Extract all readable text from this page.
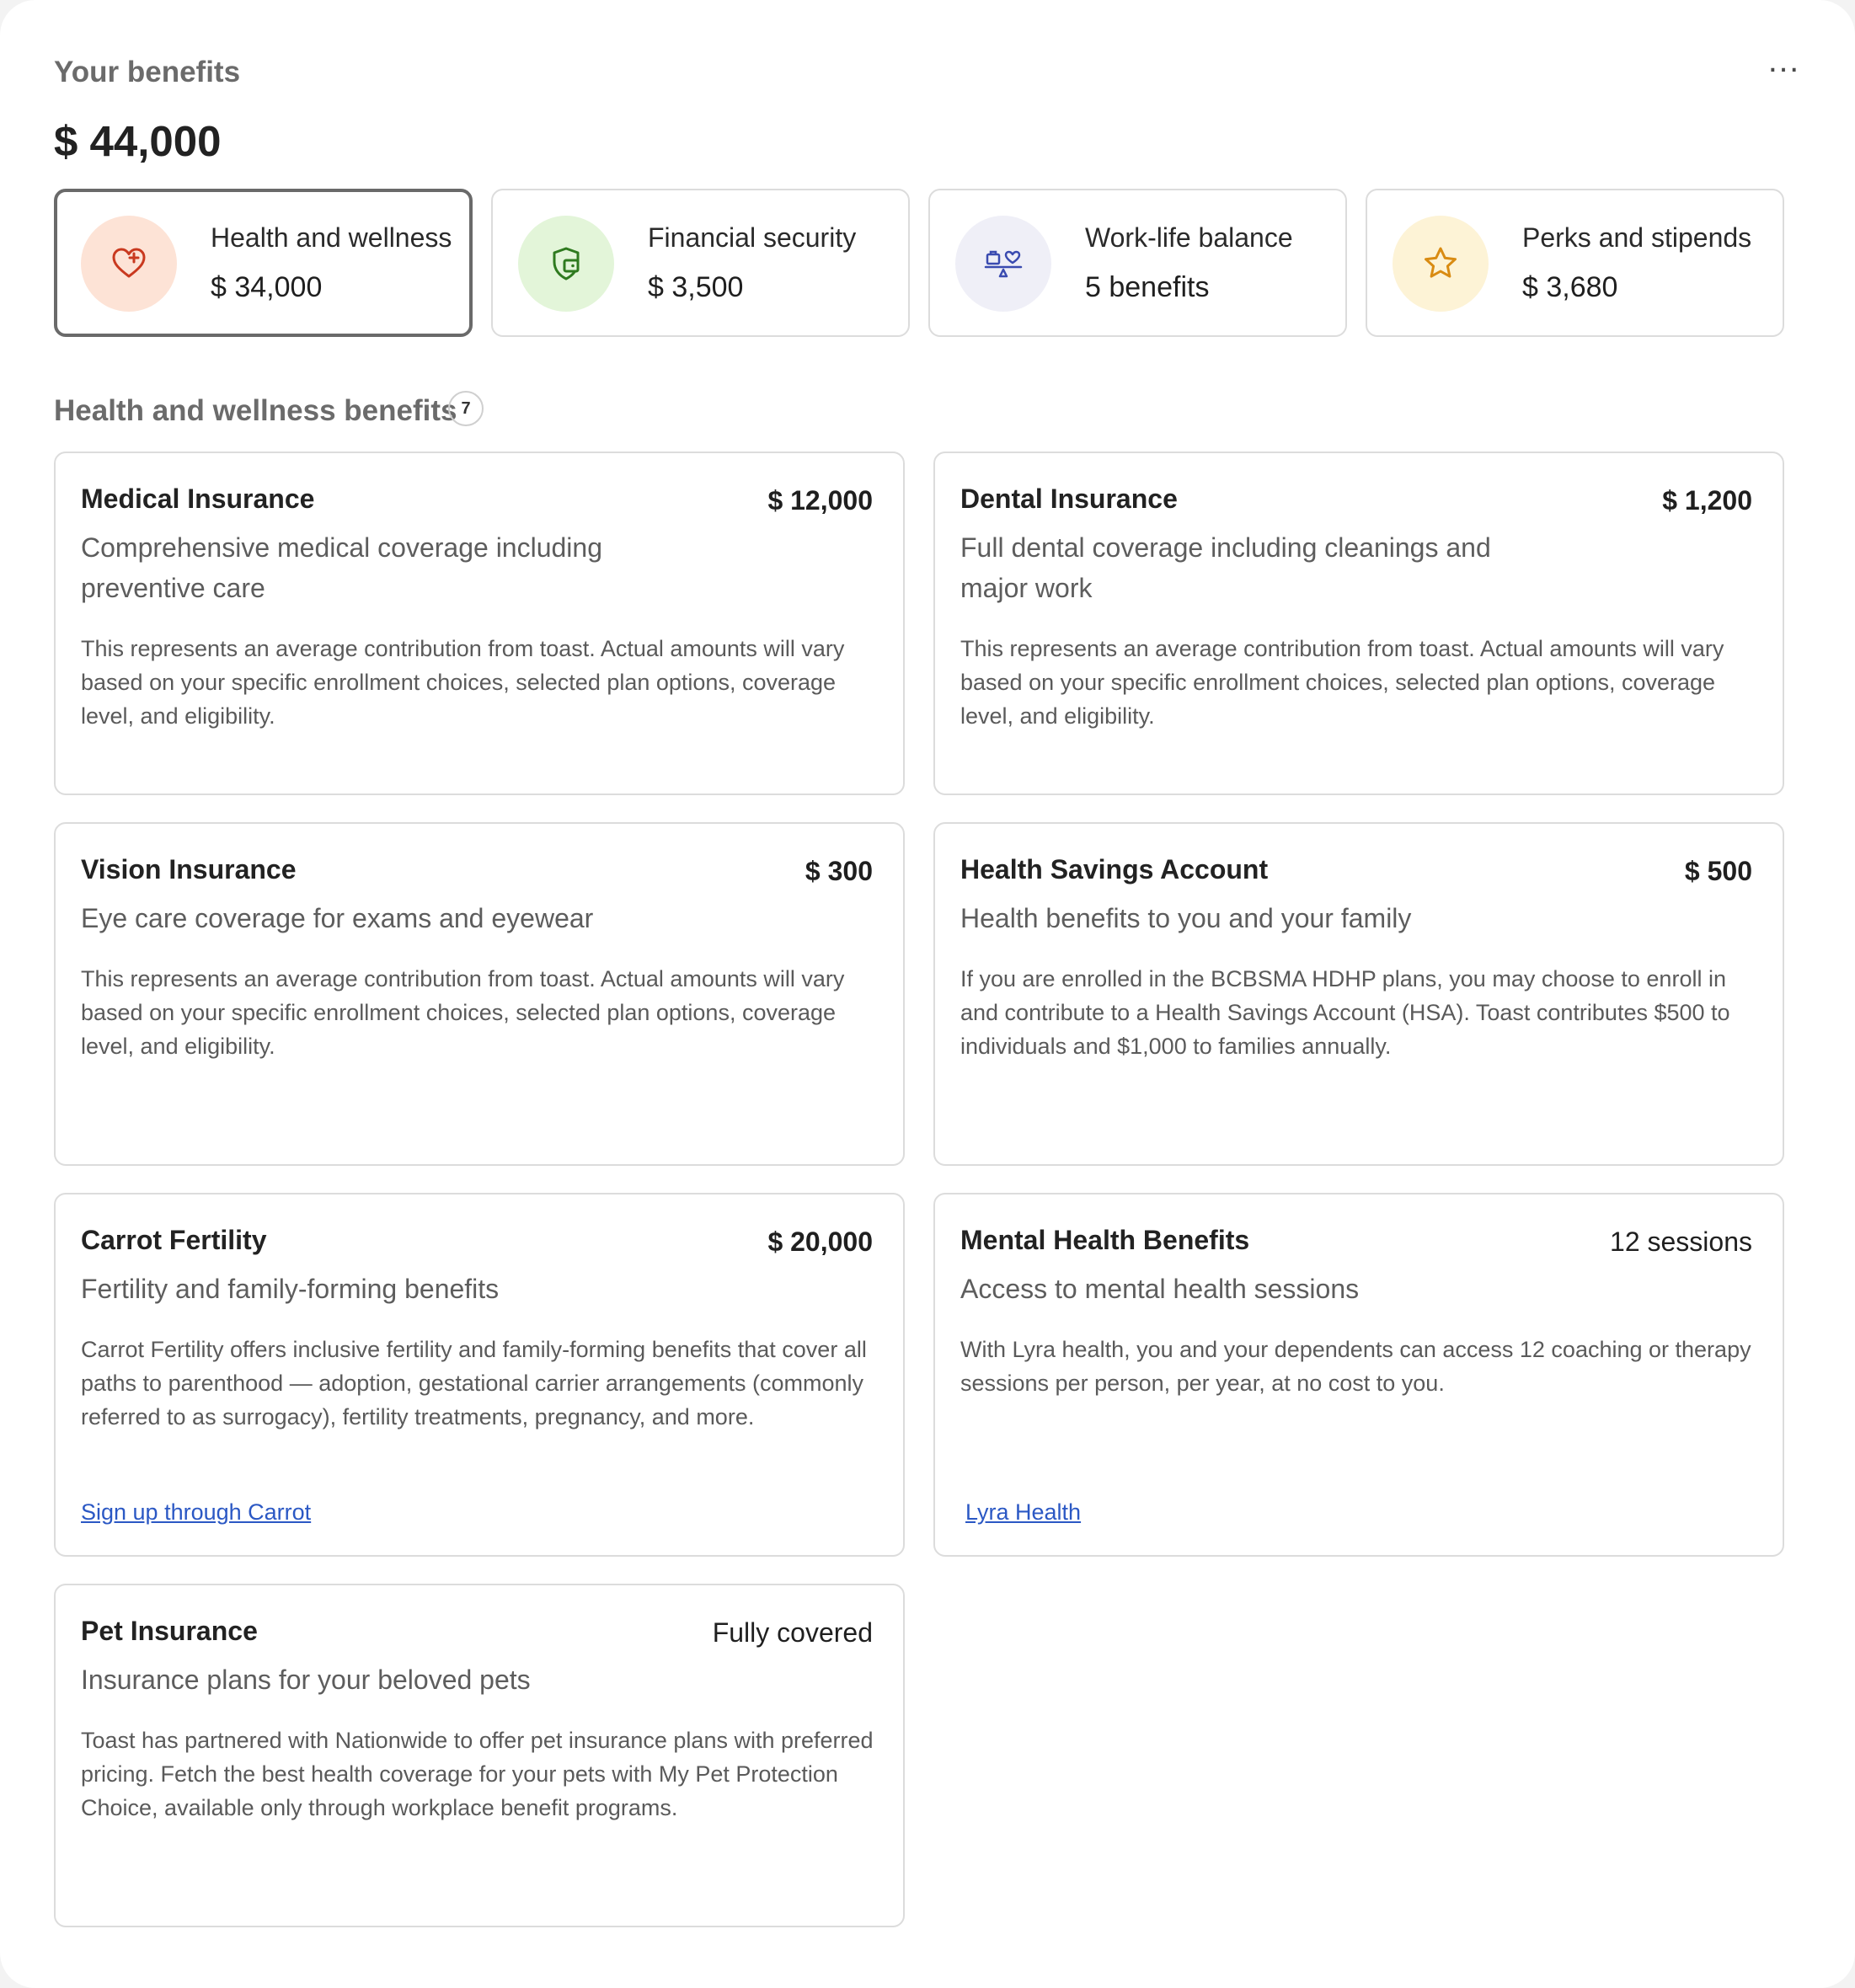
…
Your benefits
$ 44,000
Health and wellness
$ 34,000
Financial security
$ 3,500
Work-life balance
5 benefits
Perks and stipends
$ 3,680
Health and wellness benefits 7
Medical Insurance	$ 12,000
Comprehensive medical coverage including preventive care
This represents an average contribution from toast. Actual amounts will vary based on your specific enrollment choices, selected plan options, coverage level, and eligibility.
Dental Insurance	$ 1,200
Full dental coverage including cleanings and major work
This represents an average contribution from toast. Actual amounts will vary based on your specific enrollment choices, selected plan options, coverage level, and eligibility.
Vision Insurance	$ 300
Eye care coverage for exams and eyewear
This represents an average contribution from toast. Actual amounts will vary based on your specific enrollment choices, selected plan options, coverage level, and eligibility.
Health Savings Account	$ 500
Health benefits to you and your family
If you are enrolled in the BCBSMA HDHP plans, you may choose to enroll in and contribute to a Health Savings Account (HSA). Toast contributes $500 to individuals and $1,000 to families annually.
Carrot Fertility	$ 20,000
Fertility and family-forming benefits
Carrot Fertility offers inclusive fertility and family-forming benefits that cover all paths to parenthood — adoption, gestational carrier arrangements (commonly referred to as surrogacy), fertility treatments, pregnancy, and more.
Sign up through Carrot
Mental Health Benefits	12 sessions
Access to mental health sessions
With Lyra health, you and your dependents can access 12 coaching or therapy sessions per person, per year, at no cost to you.
Lyra Health
Pet Insurance	Fully covered
Insurance plans for your beloved pets
Toast has partnered with Nationwide to offer pet insurance plans with preferred pricing. Fetch the best health coverage for your pets with My Pet Protection Choice, available only through workplace benefit programs.
